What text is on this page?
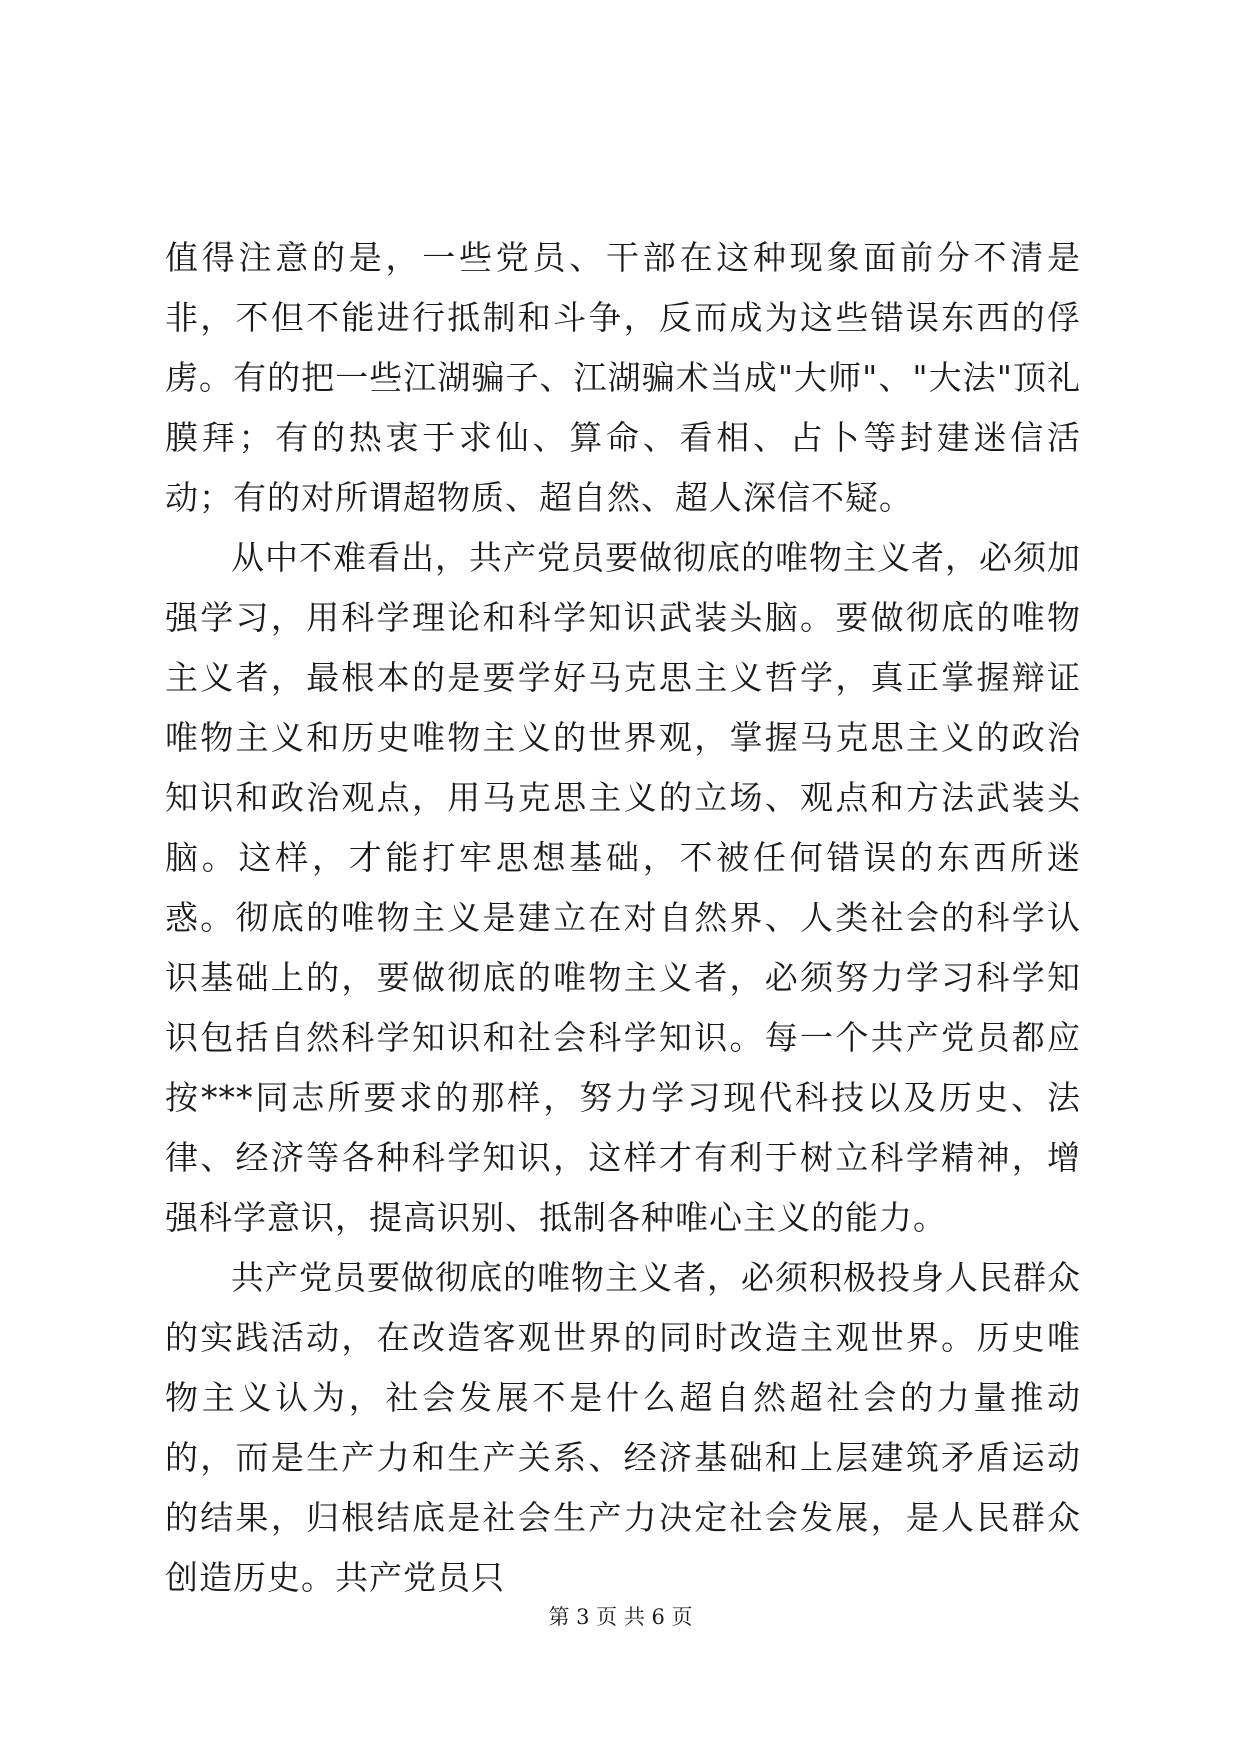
值得注意的是，一些党员、干部在这种现象面前分不清是非，不但不能进行抵制和斗争，反而成为这些错误东西的俘虏。有的把一些江湖骗子、江湖骗术当成"大师"、"大法"顶礼膜拜；有的热衷于求仙、算命、看相、占卜等封建迷信活动；有的对所谓超物质、超自然、超人深信不疑。

从中不难看出，共产党员要做彻底的唯物主义者，必须加强学习，用科学理论和科学知识武装头脑。要做彻底的唯物主义者，最根本的是要学好马克思主义哲学，真正掌握辩证唯物主义和历史唯物主义的世界观，掌握马克思主义的政治知识和政治观点，用马克思主义的立场、观点和方法武装头脑。这样，才能打牢思想基础，不被任何错误的东西所迷惑。彻底的唯物主义是建立在对自然界、人类社会的科学认识基础上的，要做彻底的唯物主义者，必须努力学习科学知识包括自然科学知识和社会科学知识。每一个共产党员都应按***同志所要求的那样，努力学习现代科技以及历史、法律、经济等各种科学知识，这样才有利于树立科学精神，增强科学意识，提高识别、抵制各种唯心主义的能力。

共产党员要做彻底的唯物主义者，必须积极投身人民群众的实践活动，在改造客观世界的同时改造主观世界。历史唯物主义认为，社会发展不是什么超自然超社会的力量推动的，而是生产力和生产关系、经济基础和上层建筑矛盾运动的结果，归根结底是社会生产力决定社会发展，是人民群众创造历史。共产党员只

第 3 页 共 6 页
